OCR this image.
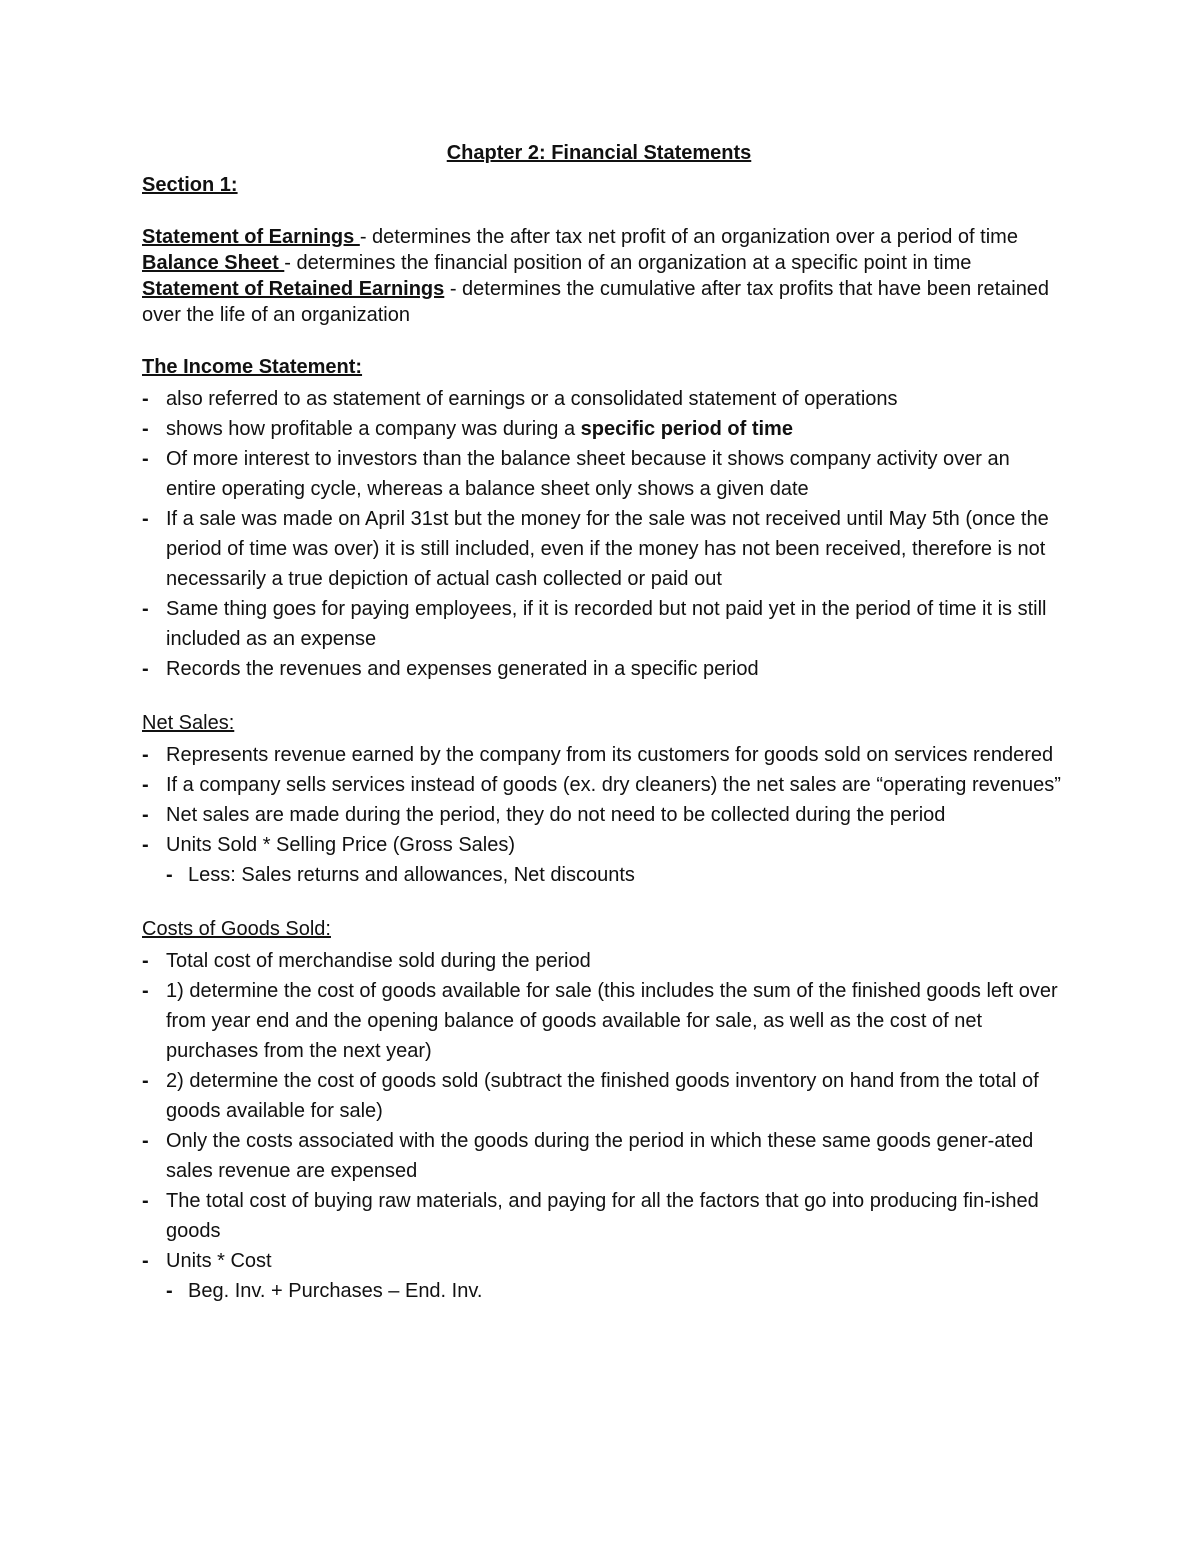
Chapter 2: Financial Statements
Section 1:

Statement of Earnings - determines the after tax net profit of an organization over a period of time

Balance Sheet - determines the financial position of an organization at a specific point in time

Statement of Retained Earnings - determines the cumulative after tax profits that have been retained over the life of an organization

The Income Statement:
- also referred to as statement of earnings or a consolidated statement of operations
- shows how profitable a company was during a specific period of time
- Of more interest to investors than the balance sheet because it shows company activity over an entire operating cycle, whereas a balance sheet only shows a given date
- If a sale was made on April 31st but the money for the sale was not received until May 5th (once the period of time was over) it is still included, even if the money has not been received, therefore is not necessarily a true depiction of actual cash collected or paid out
- Same thing goes for paying employees, if it is recorded but not paid yet in the period of time it is still included as an expense
- Records the revenues and expenses generated in a specific period
Net Sales:
- Represents revenue earned by the company from its customers for goods sold on services rendered
- If a company sells services instead of goods (ex. dry cleaners) the net sales are “operating revenues”
- Net sales are made during the period, they do not need to be collected during the period
- Units Sold * Selling Price (Gross Sales)
- Less: Sales returns and allowances, Net discounts
Costs of Goods Sold:
- Total cost of merchandise sold during the period
- 1) determine the cost of goods available for sale (this includes the sum of the finished goods left over from year end and the opening balance of goods available for sale, as well as the cost of net purchases from the next year)
- 2) determine the cost of goods sold (subtract the finished goods inventory on hand from the total of goods available for sale)
- Only the costs associated with the goods during the period in which these same goods gener-ated sales revenue are expensed
- The total cost of buying raw materials, and paying for all the factors that go into producing fin-ished goods
- Units * Cost
- Beg. Inv. + Purchases – End. Inv.
